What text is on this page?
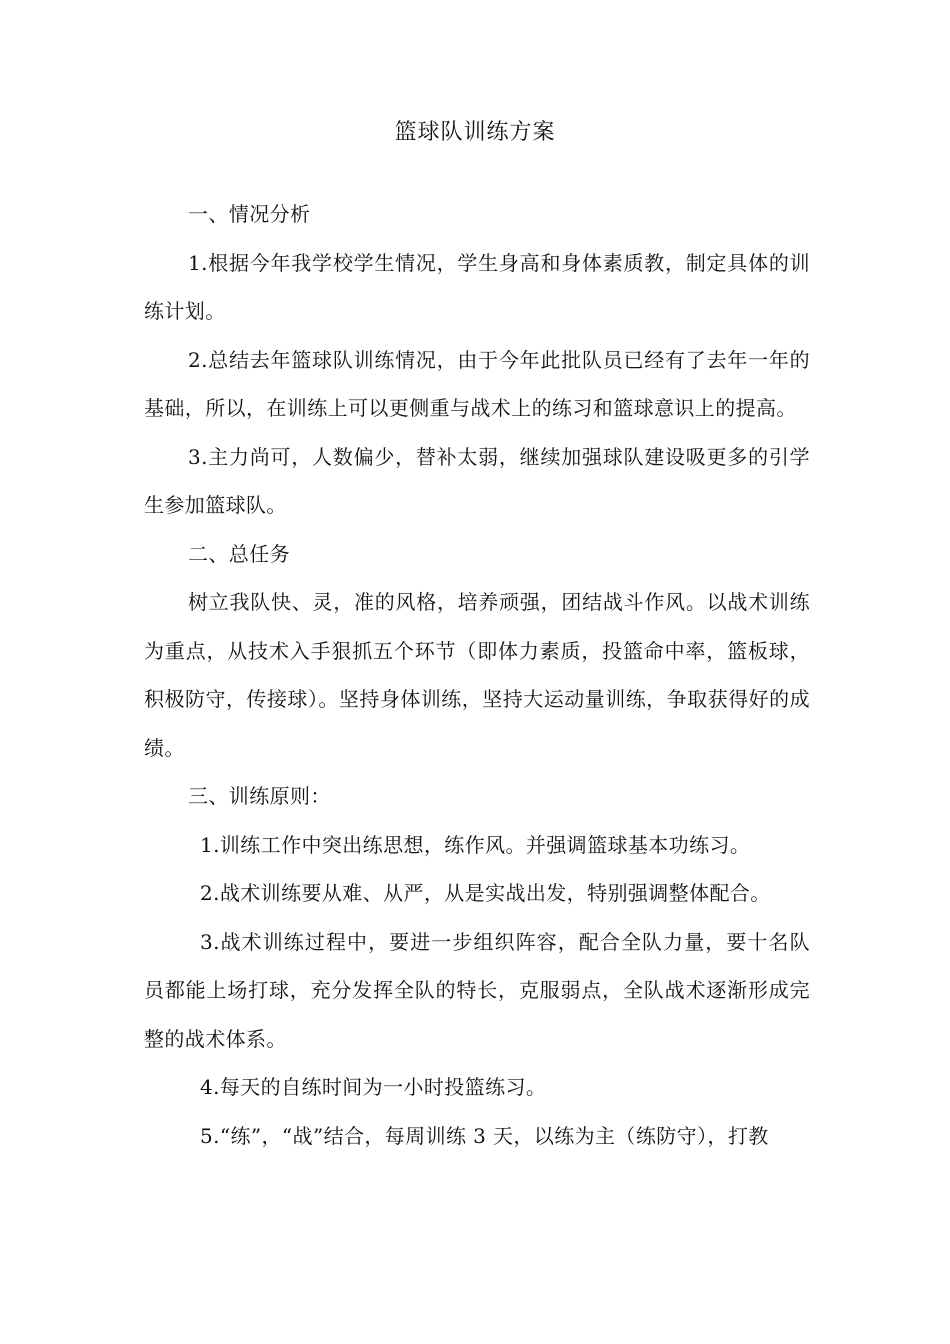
篮球队训练方案

一、情况分析

1.根据今年我学校学生情况，学生身高和身体素质教，制定具体的训练计划。

2.总结去年篮球队训练情况，由于今年此批队员已经有了去年一年的基础，所以，在训练上可以更侧重与战术上的练习和篮球意识上的提高。

3.主力尚可，人数偏少，替补太弱，继续加强球队建设吸更多的引学生参加篮球队。

二、总任务

树立我队快、灵，准的风格，培养顽强，团结战斗作风。以战术训练为重点，从技术入手狠抓五个环节（即体力素质，投篮命中率，篮板球，积极防守，传接球）。坚持身体训练，坚持大运动量训练，争取获得好的成绩。

三、训练原则：

1.训练工作中突出练思想，练作风。并强调篮球基本功练习。

2.战术训练要从难、从严，从是实战出发，特别强调整体配合。

3.战术训练过程中，要进一步组织阵容，配合全队力量，要十名队员都能上场打球，充分发挥全队的特长，克服弱点，全队战术逐渐形成完整的战术体系。

4.每天的自练时间为一小时投篮练习。

5.“练”，“战”结合，每周训练 3 天，以练为主（练防守），打教
